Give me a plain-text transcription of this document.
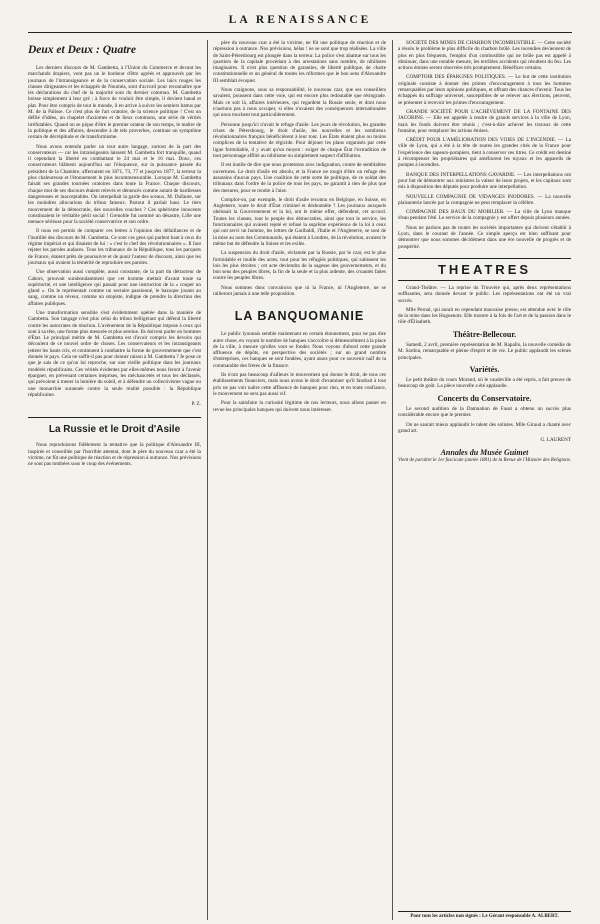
LA RENAISSANCE
Deux et Deux : Quatre

Les derniers discours de M. Gambetta, à l'Union du Commerce et devant les marchands drapiers, vont pas un le bonheur d'être agréés et approuvés par les journaux de l'intransigeance et de la conservation sociale. Les laïcs rouges les classes dirigeantes et les échappés de Nouméa, sont d'accord pour reconnaître que les déclarations du chef de la majorité sont du dernier commun. M. Gambetta boisse simplement à leur gré ; à force de vouloir être simple, il devient banal et plat. Pour être compris de tout le monde, il en arrive à suivre les sentiers battus par M. de la Palisse. Ce n'est plus de l'art oratoire, de la science politique ! C'est un défilé d'idées, un chapelet d'axiomes et de lieux communs, une série de vérités irréfutables. Quand on se pique d'être le premier orateur de son temps, le maître de la politique et des affaires, descendre à de tels proverbes, continue un symptôme certain de décrépitude et de transformisme.

Nous avons entendu parler un tout autre langage, surtout de la part des conservateurs — car les intransigeants laissent M. Gambetta fort tranquille, quand il cependant la liberté en combattant le 24 mai et le 16 mai. Donc, ces conservateurs blâment aujourd'hui sur l'éloquence, sur la puissance passée du président de la Chambre, affectaient en 1871, 73, 77 et jusqu'en 1877, la terreur la plus chaleureuse et l'étonnement le plus incommensurable. Lorsque M. Gambetta faisait ses grandes tournées oratoires dans toute la France. Chaque discours, chaque mot de ses discours étaient relevés et dénoncés comme autant de hardiesses dangereuses et inacceptables. On interpellait la garde des sceaux, M. Dufaure, sur les moindres allocutions du tribun fameux. Partout il parlait haut. Le tiers mouvement de la démocratie, des nouvelles couches ? Ces sphérisme innocents constituaient le véritable péril social ! Grenoble fut nommé un désastre, Lille une menace sérieuse pour la société conservatrice et son ordre.

Il nous est permis de comparer ces lettres à l'opinion des défaillances et de l'inutilité des discours de M. Gambetta. Ce sont ces gens qui parlent haut à ceux du régime impérial et qui disaient de lui : « c'est le chef des révolutionnaires ». Il faut rejeter les paroles audaces. Tous les tribunaux de la République, tous les parquets de France, étaient prêts de poursuivre et de punir l'auteur de discours, ainsi que les journaux qui avaient la témérité de reproduire ses paroles.

Une observation aussi complète, aussi constante, de la part du détracteur de Cahors, prouvait surabondamment que cet homme mettait d'avant toute sa supériorité, et une intelligence qui passait pour une instruction de la « couper un gland ». On le représentait comme un sectaire passionné, le bazoque jouant au sang, comme un réveur, comme un utopiste, indigne de prendre la direction des affaires publiques.

Une transformation sensible s'est évidemment opérée dans la manière de Gambetta. Son langage n'est plus celui du tribun belligérant qui défend la liberté contre les autocrates de réaction. L'avènement de la République impose à ceux qui sont à sa tête, une forme plus mesurée et plus sereine. Ils doivent parler en hommes d'État. Le principal mérite de M. Gambetta est d'avoir compris les devoirs qui découlent de ce nouvel ordre de choses. Les conservateurs et les intransigeants jettent les hauts cris, et continuent à combattre la forme de gouvernement que c'est donnée le pays. Cela ne suffit-il pas pour donner raison à M. Gambetta ? Je pose ce que je sais de ce qu'on lui reproche, sur une vieille politique dans les journaux modérés républicains. Ces vérités évidentes par elles-mêmes nous feront à l'avenir épargner, en prévenant certaines méprises, les méchancetés et tous les déclassés, qui prévoient à mener la lumière du soleil, et à défendre un collectivisme vague ou une monarchie surannée contre la seule réalité possible : la République républicaine.

P. Z.
La Russie et le Droit d'Asile

Nous reproduisons fidèlement la tentative que la politique d'Alexandre III, inspirée et conseillée par l'horrible attentat, dont le père du nouveau czar a été la victime, ne fût une politique de réaction et de répression à outrance. Nos prévisions ne sont pas tombées sous le coup des événements.

père du nouveau czar a été la victime, ne fût une politique de réaction et de répression à outrance. Nos prévisions, hélas ! ne se sont que trop réalisées. La ville de Saint-Pétersbourg est plongée dans la terreur. La police s'est abattue sur tous les quartiers de la capitale procédant à des arrestations sans nombre, de nihilistes imaginaires. Il n'est plus question de garanties, de liberté publique, de charte constitutionnelle et un général de toutes les réformes que le bon sens d'Alexandre III semblait évoquer.

Nous craignons, sous sa responsabilité, le nouveau czar, que ses conseillers savaient, poussent dans cette voie, qui est encore plus redoutable que rétrograde. Mais ce soit là, affaires intérieures, qui regardent la Russie seule, et dont nous n'aurions pas à nous occuper, si elles n'avaient des conséquences internationales qui nous touchent tout particulièrement.

Personne jusqu'ici n'avait le refuge d'asile. Les jours de révolution, les grandes crises de Pétersbourg, le droit d'asile, les nouvelles et les nombreux révolutionnaires français bénéficièrent à leur tour. Les États étaient plus ou moins complices de la tentative de régicide. Pour déjouer les plans organisés par cette ligue formidable, il y avait qu'un moyen : exiger de chaque État l'extradition de tout personnage affilié au nihilisme ou simplement suspect d'affiliation.

Il est inutile de dire que nous protestons avec indignation, contre de semblables ouvertures. Le droit d'asile est absolu, et la France ne rougit d'être un refuge des assassins d'aucun pays. Une coalition de cette sorte de politique, de ce soldat des tribunaux dans l'ordre de la police de tous les pays, ne garantit à rien de plus que des mesures, pour se rendre à l'aise.

Complot-on, par exemple, le droit d'asile reconnu en Belgique, en Suisse, en Angleterre, toute le droit d'État criminel et déshonnête ? Les journaux auxquels obéissait la Gouvernement et la loi, ont le même effet, défendent, cet accord. Toutes les classes, tout le peuple des démocraties, ainsi que tout le service, les fonctionnaires qui avaient rejeté et refusé la suprême expérience de la loi à ceux qui ont servi un homme, les lettres de Garibaldi, l'Italie et l'Angleterre, se sont de la mise au nom des Communards, qui étaient à Londres, de la révolution, avaient le même but de défendre la Suisse et les exilés.

La suspension du droit d'asile, réclamée par la Russie, par le czar, est le plus formidable et inutile des actes, tout pour les réfugiés politiques, qui subissent les lois les plus étroites ; cet acte deviendra de la sagesse des gouvernements, et du bon sens des peuples libres, la fin de la seule et la plus ardente, des cruautés faites contre les peuples libres.

Nous sommes donc convaincus que ni la France, ni l'Angleterre, ne se rallieront jamais à une telle proposition.

LA BANQUOMANIE

Le public lyonnais semble maintenant en certain étonnement, pour ne pas dire autre chose, en voyant le nombre de banques s'accroître si démesurément à la place de la ville, à mesure qu'elles vont se fonder. Nous voyons d'abord cette grande affluence de dépôts, en perspective des sociétés ; sur un grand nombre d'entreprises, ces banques se sont fondées, ayant assez pour ce souvenir naïf de la commandite des frères de la finance.

Ils n'ont pas beaucoup d'ailleurs le mouvement qui donne le droit, de tous ces établissements financiers, mais nous avons le droit d'examiner qu'il faudrait à tout prix ne pas voir naître cette affluence de banques pour rien, et en toute confiance, le mouvement ne sera pas aussi vif.

Pour la satisfaire la curiosité légitime de nos lecteurs, nous allons passer en revue les principales banques qui doivent nous intéresser.

SOCIÉTÉ DES MINES DE CHARBON INCOMBUSTIBLE. — Cette société a résolu le problème le plus difficile du charbon brûlé. Les incendies deviennent de plus en plus fréquents, l'emploi d'un combustible qui ne brûle pas est appelé à diminuer, dans une notable mesure, les terribles accidents qui résultent du feu. Les actions émises seront réservées très promptement. Bénéfices certains.

COMPTOIR DES ÉPARGNES POLITIQUES. — Le but de cette institution originale consiste à donner des primes d'encouragement à tous les hommes remarquables par leurs opinions politiques, et offrant des chances d'avenir. Tous les échappés du suffrage universel, susceptibles de se relever aux élections, peuvent, se présenter à recevoir les primes d'encouragement.

GRANDE SOCIÉTÉ POUR L'ACHÈVEMENT DE LA FONTAINE DES JACOBINS. — Elle est appelée à rendre de grands services à la ville de Lyon, mais les fonds doivent être réunis ; c'est-à-dire achever les travaux de cette fontaine, pour remplacer les actions émises.

CRÉDIT POUR L'AMÉLIORATION DES VOIES DE L'INCENDIE. — La ville de Lyon, qui a été à la tête de toutes les grandes cités de la France pour l'expérience des sapeurs-pompiers, tient à conserver ces titres. Ce crédit est destiné à récompenser les propriétaires qui améliorent les tuyaux et les appareils de pompes à incendies.

BANQUE DES INTERPELLATIONS GAVARDIE. — Les interpellations ont pour but de démontrer aux ministres la valeur de leurs projets, et les capitaux sont mis à disposition des députés pour produire une interpellation.

NOUVELLE COMPAGNIE DE VIDANGES INODORES. — La nouvelle plaisanterie lancée par la compagnie ne peut remplacer la célèbre.

COMPAGNIE DES BAUX DU MOBILIER. — La ville de Lyon manque d'eau pendant l'été. Le service de la compagnie y est offert depuis plusieurs années.

Nous ne parlons pas de toutes les sociétés importantes qui doivent s'établir à Lyon, dans le courant de l'année. Ce simple aperçu est bien suffisant pour démontrer que nous sommes décidément dans une ère nouvelle de progrès et de prospérité.

THEATRES

Grand-Théâtre. — La reprise du Trouvère qui, après deux représentations suffisantes, sera donnée devant le public. Les représentations ont été un vrai succès.

Mlle Pernal, qui aurait eu cependant mauvaise presse, est attendue avec le rôle de la reine dans les Huguenots. Elle montre à la fois de l'art et de la passion dans le rôle d'Élisabeth.

Théâtre-Bellecour.

Samedi, 2 avril, première représentation de M. Rapallo, la nouvelle comédie de M. Sardou, remarquable et pleine d'esprit et de vie. Le public applaudit les scènes principales.

Variétés.

Le petit théâtre du cours Morand, où le vaudeville a été repris, a fait preuve de beaucoup de goût. La pièce nouvelle a été applaudie.

Concerts du Conservatoire.

Le second audition de la Damnation de Faust a obtenu un succès plus considérable encore que le premier.

On ne saurait mieux applaudir le talent des solistes. Mlle Giraud a chanté avec grand art.

G. LAURENT
Annales du Musée Guimet
Vient de paraître le 1er fascicule (année 1881) de la Revue de l'Histoire des Religions.
Pour tous les articles non signés : Le Gérant responsable A. ALBERT.
